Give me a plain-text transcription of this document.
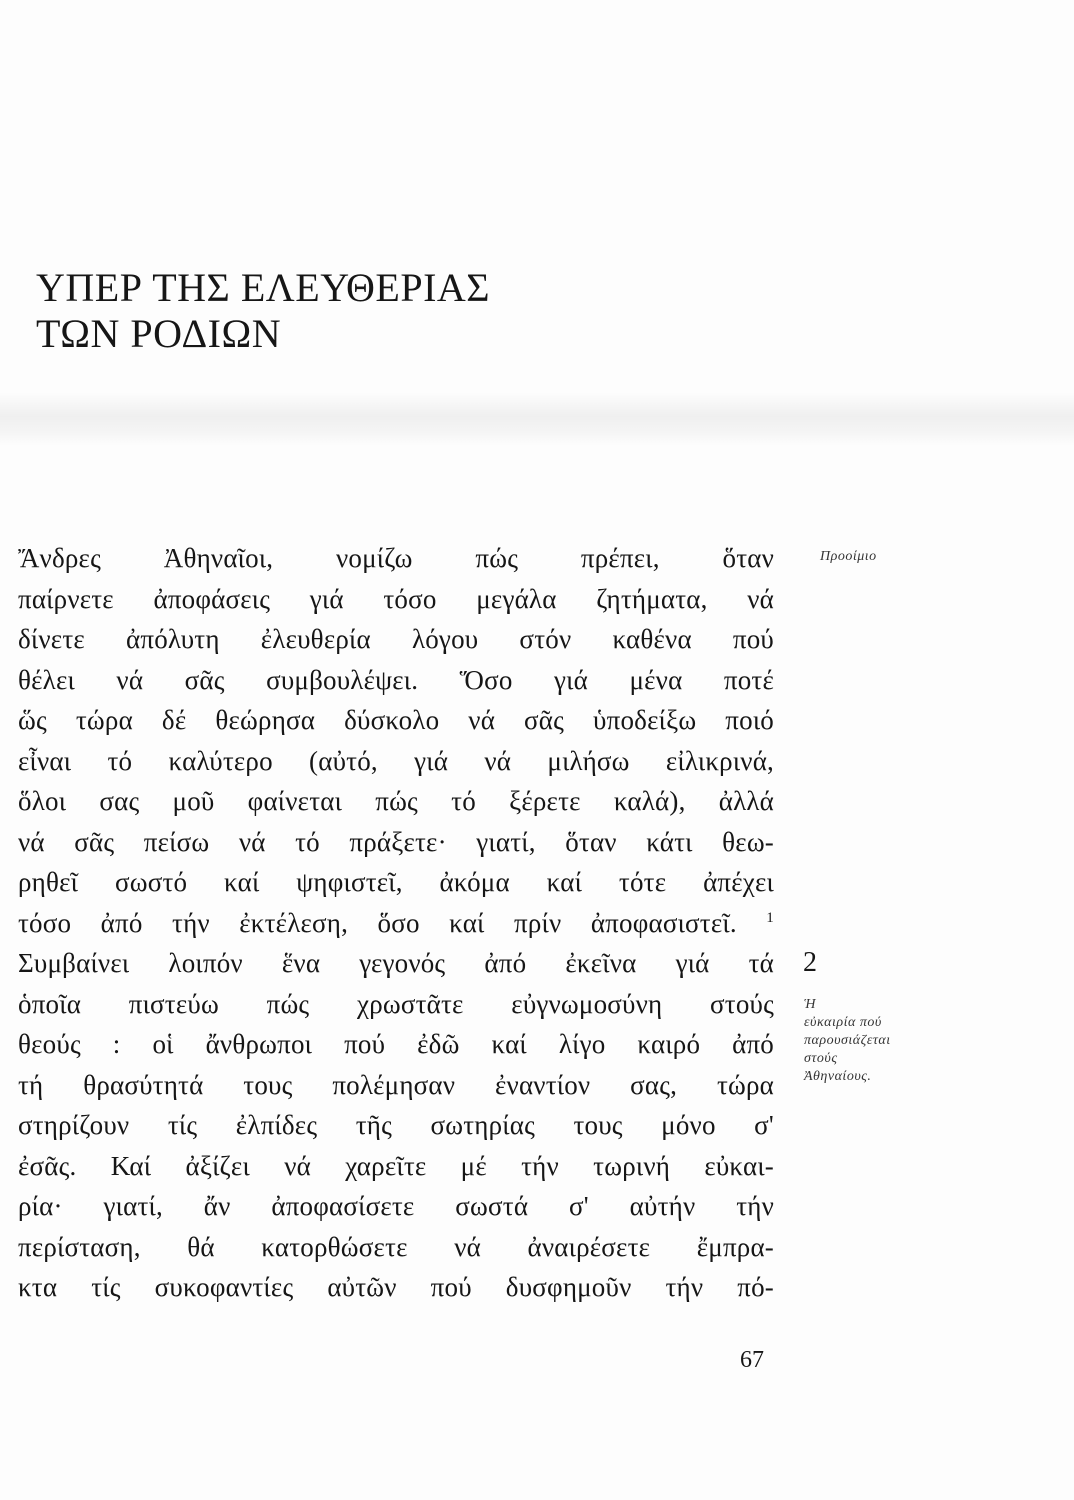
ΥΠΕΡ ΤΗΣ ΕΛΕΥΘΕΡΙΑΣ
ΤΩΝ ΡΟΔΙΩΝ
Ἄνδρες Ἀθηναῖοι, νομίζω πώς πρέπει, ὅταν
παίρνετε ἀποφάσεις γιά τόσο μεγάλα ζητήματα, νά
δίνετε ἀπόλυτη ἐλευθερία λόγου στόν καθένα πού
θέλει νά σᾶς συμβουλέψει. Ὅσο γιά μένα ποτέ
ὥς τώρα δέ θεώρησα δύσκολο νά σᾶς ὑποδείξω ποιό
εἶναι τό καλύτερο (αὐτό, γιά νά μιλήσω εἰλικρινά,
ὅλοι σας μοῦ φαίνεται πώς τό ξέρετε καλά), ἀλλά
νά σᾶς πείσω νά τό πράξετε· γιατί, ὅταν κάτι θεω-
ρηθεῖ σωστό καί ψηφιστεῖ, ἀκόμα καί τότε ἀπέχει
τόσο ἀπό τήν ἐκτέλεση, ὅσο καί πρίν ἀποφασιστεῖ. $^1$
Συμβαίνει λοιπόν ἕνα γεγονός ἀπό ἐκεῖνα γιά τά
ὁποῖα πιστεύω πώς χρωστᾶτε εὐγνωμοσύνη στούς
θεούς : οἱ ἄνθρωποι πού ἐδῶ καί λίγο καιρό ἀπό
τή θρασύτητά τους πολέμησαν ἐναντίον σας, τώρα
στηρίζουν τίς ἐλπίδες τῆς σωτηρίας τους μόνο σ'
ἐσᾶς. Καί ἀξίζει νά χαρεῖτε μέ τήν τωρινή εὐκαι-
ρία· γιατί, ἄν ἀποφασίσετε σωστά σ' αὐτήν τήν
περίσταση, θά κατορθώσετε νά ἀναιρέσετε ἔμπρα-
κτα τίς συκοφαντίες αὐτῶν πού δυσφημοῦν τήν πό-
Προοίμιο
2
Ἡ
εὐκαιρία πού
παρουσιάζεται
στούς
Ἀθηναίους.
67
